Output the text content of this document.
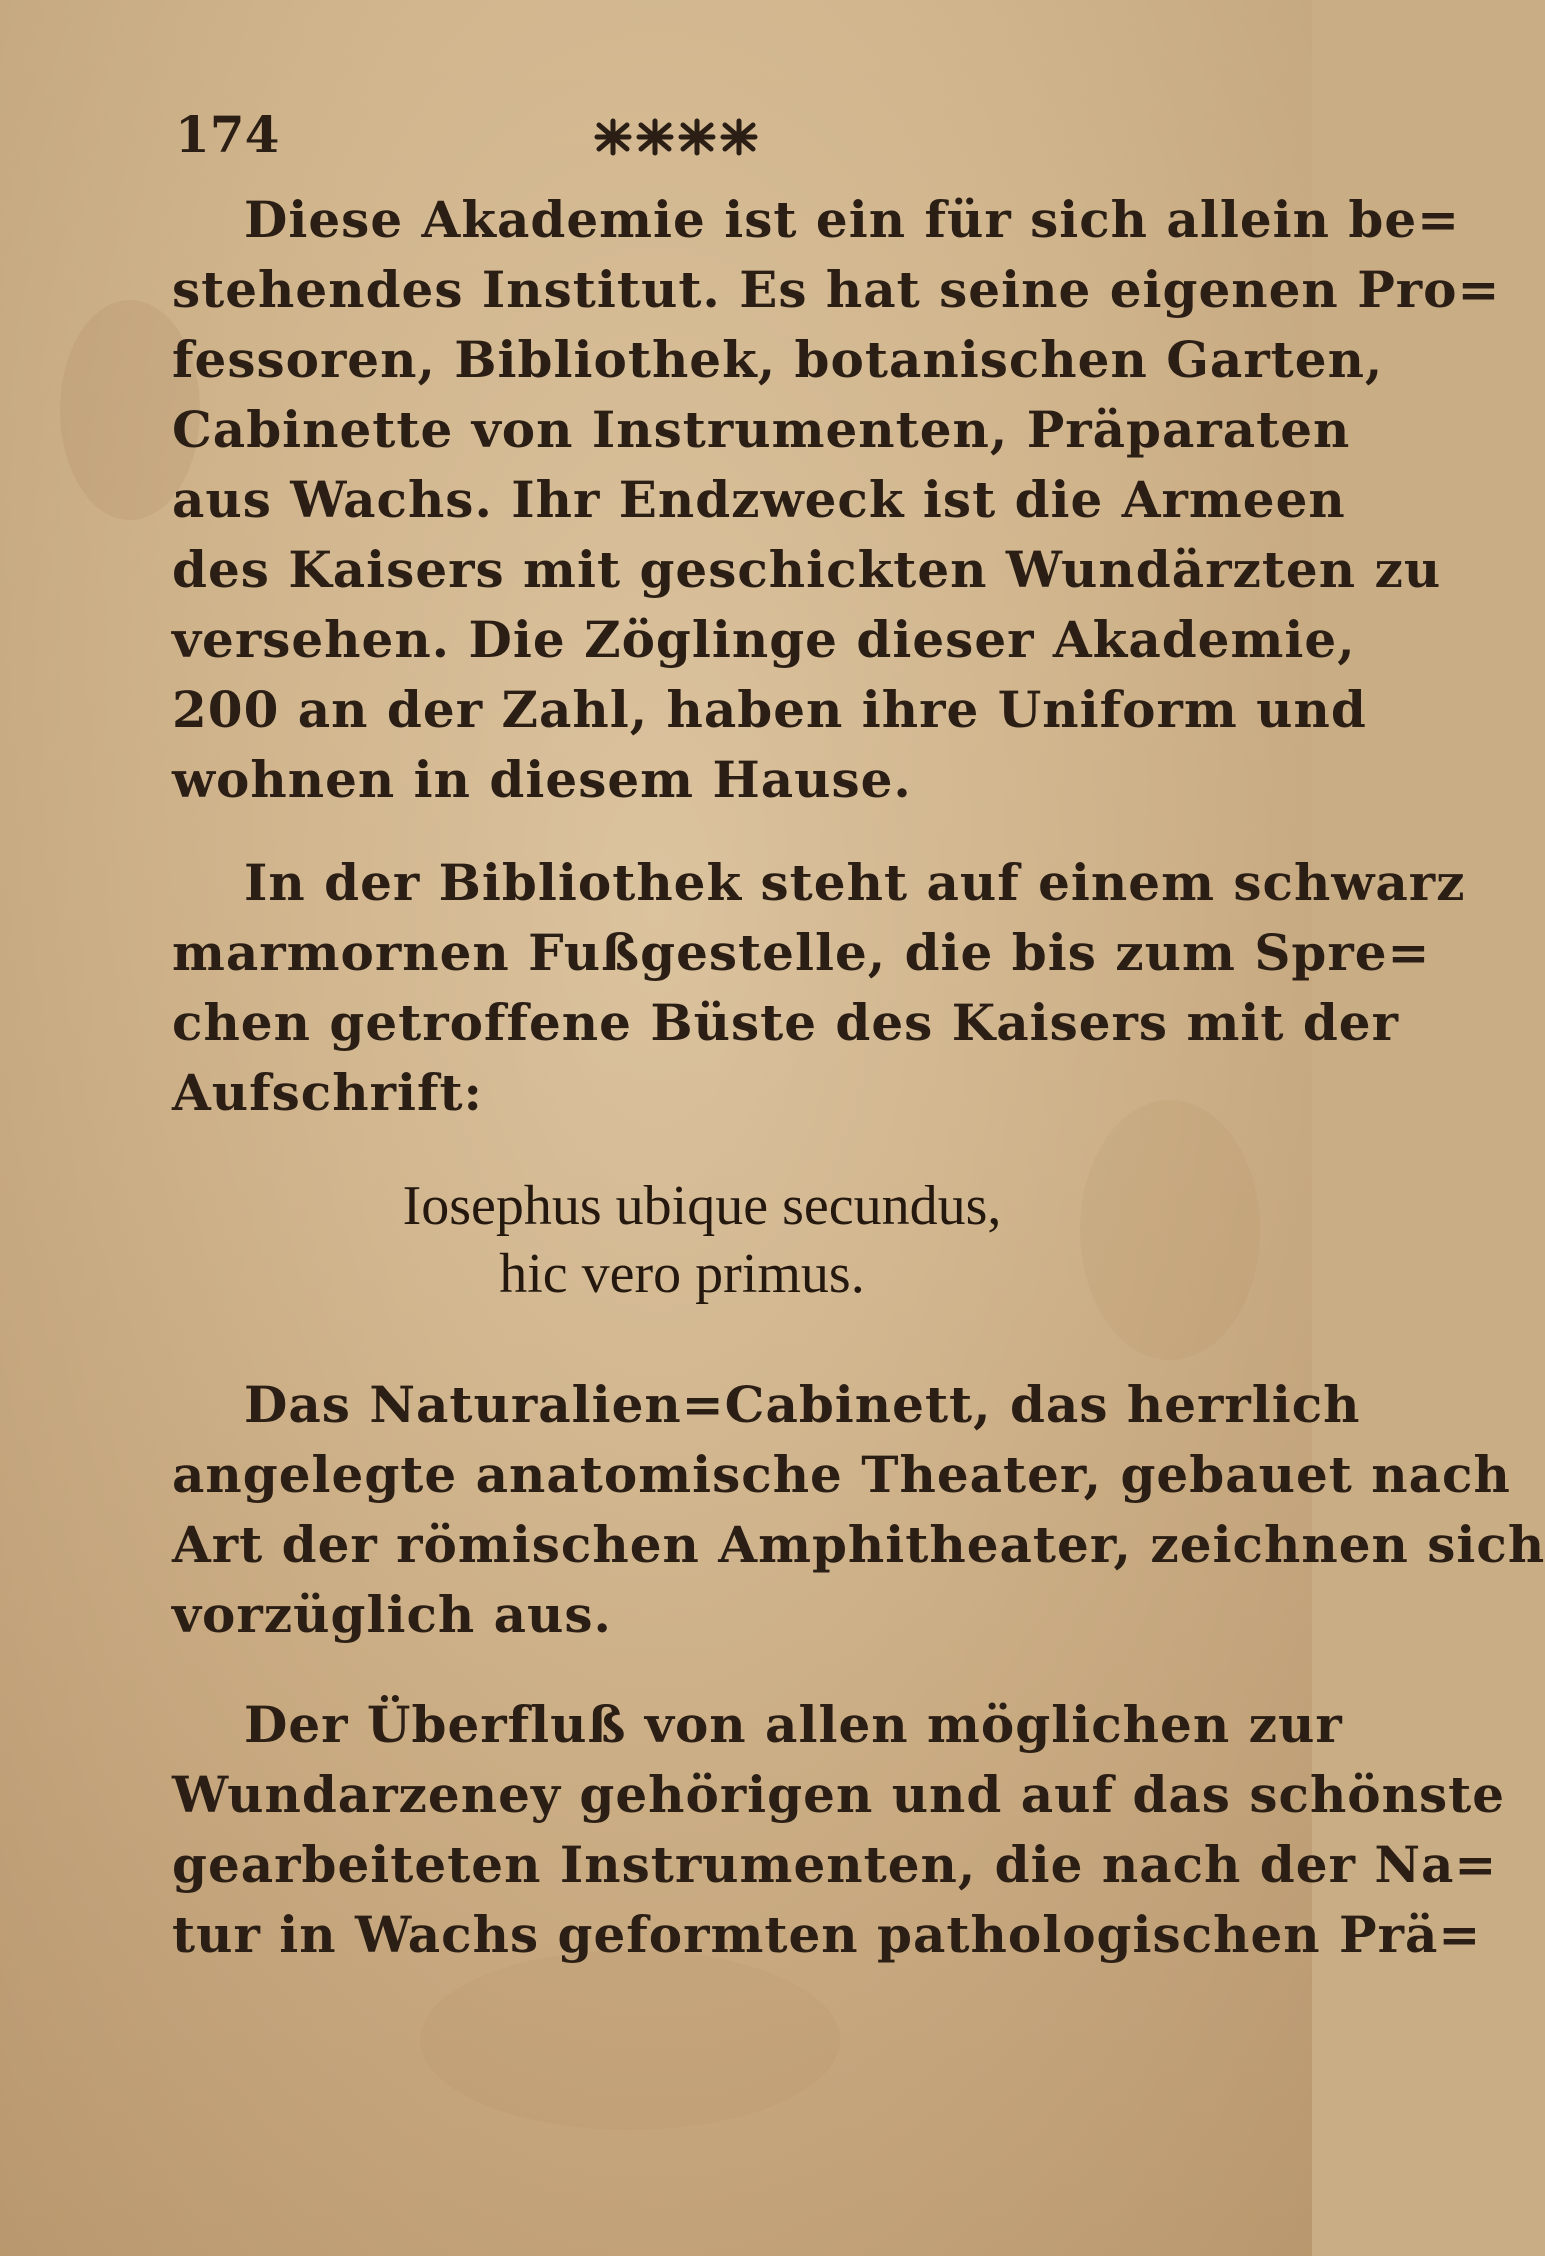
174
Diese Akademie ist ein für sich allein be=
stehendes Institut. Es hat seine eigenen Pro=
fessoren, Bibliothek, botanischen Garten,
Cabinette von Instrumenten, Präparaten
aus Wachs. Ihr Endzweck ist die Armeen
des Kaisers mit geschickten Wundärzten zu
versehen. Die Zöglinge dieser Akademie,
200 an der Zahl, haben ihre Uniform und
wohnen in diesem Hause.
In der Bibliothek steht auf einem schwarz
marmornen Fußgestelle, die bis zum Spre=
chen getroffene Büste des Kaisers mit der
Aufschrift:
Iosephus ubique secundus,
hic vero primus.
Das Naturalien=Cabinett, das herrlich
angelegte anatomische Theater, gebauet nach
Art der römischen Amphitheater, zeichnen sich
vorzüglich aus.
Der Überfluß von allen möglichen zur
Wundarzeney gehörigen und auf das schönste
gearbeiteten Instrumenten, die nach der Na=
tur in Wachs geformten pathologischen Prä=
